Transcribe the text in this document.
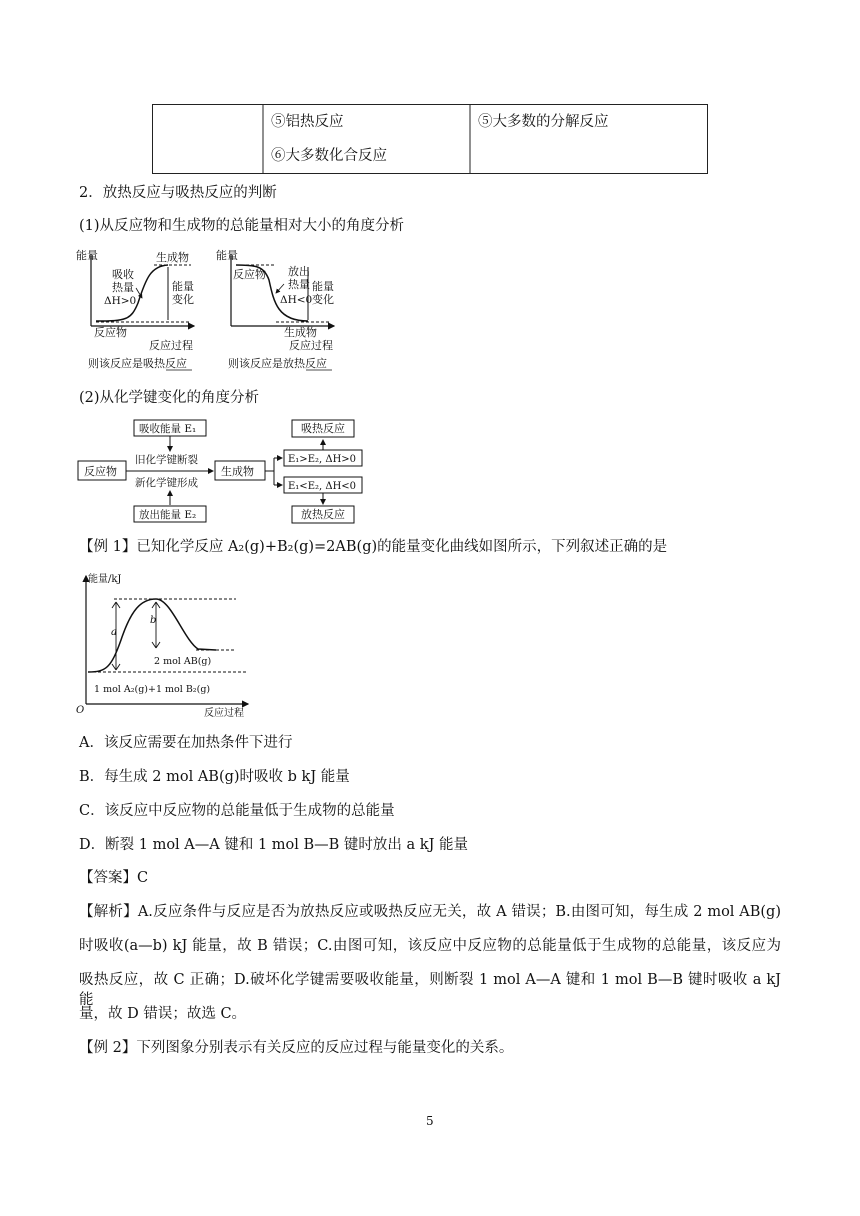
⑤铝热反应
⑥大多数化合反应
⑤大多数的分解反应
2．放热反应与吸热反应的判断
(1)从反应物和生成物的总能量相对大小的角度分析
能量	生成物
吸收
热量
ΔH>0
能量
变化
反应物
反应过程
则该反应是吸热反应
能量
反应物 放出
热量
ΔH<0
能量
变化
生成物
反应过程
则该反应是放热反应
(2)从化学键变化的角度分析
吸收能量 E₁
反应物
旧化学键断裂
新化学键形成
生成物
放出能量 E₂
E₁>E₂, ΔH>0
E₁<E₂, ΔH<0
吸热反应
放热反应
【例 1】已知化学反应 A₂(g)+B₂(g)=2AB(g)的能量变化曲线如图所示，下列叙述正确的是
能量/kJ
a
b
2 mol AB(g)
1 mol A₂(g)+1 mol B₂(g)
O	反应过程
A．该反应需要在加热条件下进行
B．每生成 2 mol AB(g)时吸收 b kJ 能量
C．该反应中反应物的总能量低于生成物的总能量
D．断裂 1 mol A—A 键和 1 mol B—B 键时放出 a kJ 能量
【答案】C
【解析】A.反应条件与反应是否为放热反应或吸热反应无关，故 A 错误；B.由图可知，每生成 2 mol AB(g)
时吸收(a—b) kJ 能量，故 B 错误；C.由图可知，该反应中反应物的总能量低于生成物的总能量，该反应为
吸热反应，故 C 正确；D.破坏化学键需要吸收能量，则断裂 1 mol A—A 键和 1 mol B—B 键时吸收 a kJ 能
量，故 D 错误；故选 C。
【例 2】下列图象分别表示有关反应的反应过程与能量变化的关系。
5
